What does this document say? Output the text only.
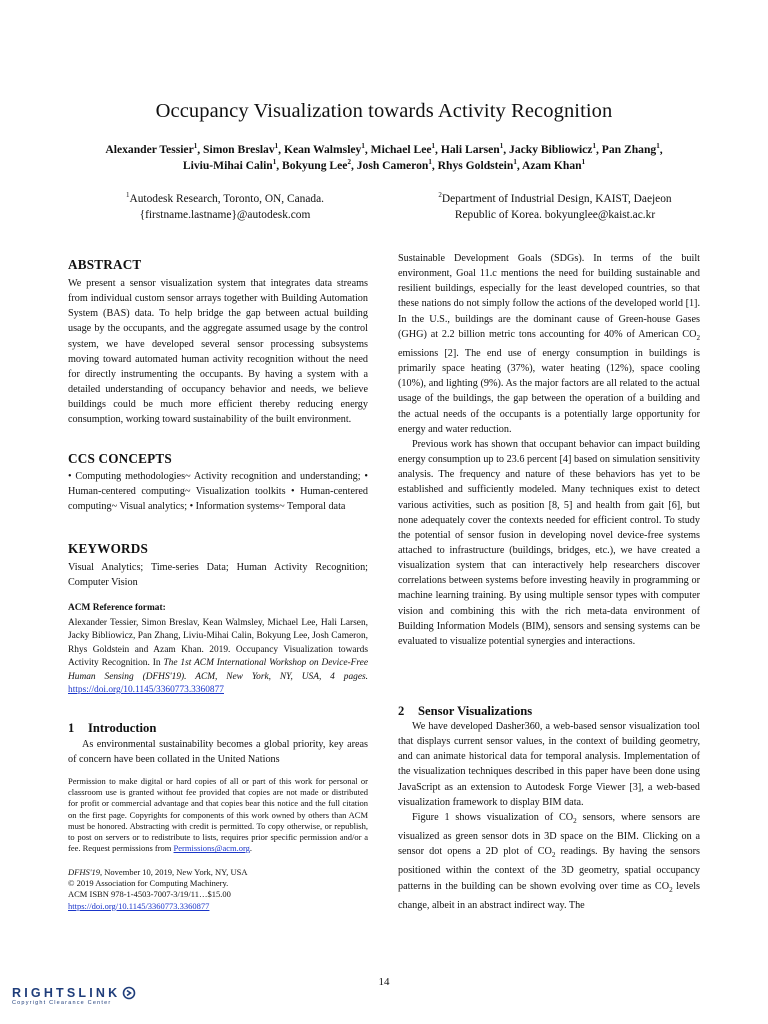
Occupancy Visualization towards Activity Recognition
Alexander Tessier$^1$, Simon Breslav$^1$, Kean Walmsley$^1$, Michael Lee$^1$, Hali Larsen$^1$, Jacky Bibliowicz$^1$, Pan Zhang$^1$,
Liviu-Mihai Calin$^1$, Bokyung Lee$^2$, Josh Cameron$^1$, Rhys Goldstein$^1$, Azam Khan$^1$
$^1$Autodesk Research, Toronto, ON, Canada.
{firstname.lastname}@autodesk.com
$^2$Department of Industrial Design, KAIST, Daejeon
Republic of Korea. bokyunglee@kaist.ac.kr
ABSTRACT

We present a sensor visualization system that integrates data streams from individual custom sensor arrays together with Building Automation System (BAS) data. To help bridge the gap between actual building usage by the occupants, and the aggregate assumed usage by the control system, we have developed several sensor processing subsystems moving toward automated human activity recognition without the need for directly instrumenting the occupants. By having a system with a detailed understanding of occupancy behavior and needs, we believe buildings could be much more efficient thereby reducing energy consumption, working toward sustainability of the built environment.

CCS CONCEPTS

• Computing methodologies~ Activity recognition and understanding; • Human-centered computing~ Visualization toolkits • Human-centered computing~ Visual analytics; • Information systems~ Temporal data

KEYWORDS

Visual Analytics; Time-series Data; Human Activity Recognition; Computer Vision

ACM Reference format:

Alexander Tessier, Simon Breslav, Kean Walmsley, Michael Lee, Hali Larsen, Jacky Bibliowicz, Pan Zhang, Liviu-Mihai Calin, Bokyung Lee, Josh Cameron, Rhys Goldstein and Azam Khan. 2019. Occupancy Visualization towards Activity Recognition. In The 1st ACM International Workshop on Device-Free Human Sensing (DFHS'19). ACM, New York, NY, USA, 4 pages. https://doi.org/10.1145/3360773.3360877

1 Introduction

As environmental sustainability becomes a global priority, key areas of concern have been collated in the United Nations

Permission to make digital or hard copies of all or part of this work for personal or classroom use is granted without fee provided that copies are not made or distributed for profit or commercial advantage and that copies bear this notice and the full citation on the first page. Copyrights for components of this work owned by others than ACM must be honored. Abstracting with credit is permitted. To copy otherwise, or republish, to post on servers or to redistribute to lists, requires prior specific permission and/or a fee. Request permissions from Permissions@acm.org.

DFHS'19, November 10, 2019, New York, NY, USA
© 2019 Association for Computing Machinery.
ACM ISBN 978-1-4503-7007-3/19/11…$15.00
https://doi.org/10.1145/3360773.3360877

Sustainable Development Goals (SDGs). In terms of the built environment, Goal 11.c mentions the need for building sustainable and resilient buildings, especially for the least developed countries, so that these nations do not simply follow the actions of the developed world [1]. In the U.S., buildings are the dominant cause of Green-house Gases (GHG) at 2.2 billion metric tons accounting for 40% of American $CO_2$ emissions [2]. The end use of energy consumption in buildings is primarily space heating (37%), water heating (12%), space cooling (10%), and lighting (9%). As the major factors are all related to the actual usage of the buildings, the gap between the operation of a building and the actual needs of the occupants is a potentially large opportunity for energy and water reduction.

Previous work has shown that occupant behavior can impact building energy consumption up to 23.6 percent [4] based on simulation sensitivity analysis. The frequency and nature of these behaviors has yet to be established and sufficiently modeled. Many techniques exist to detect various activities, such as position [8, 5] and health from gait [6], but none adequately cover the contexts needed for efficient control. To study the potential of sensor fusion in developing novel device-free systems attached to infrastructure (buildings, bridges, etc.), we have created a visualization system that can interactively help researchers discover correlations between systems before investing heavily in programming or machine learning training. By using multiple sensor types with computer vision and combining this with the rich meta-data environment of Building Information Models (BIM), sensors and sensing systems can be evaluated to visualize potential synergies and interactions.

2 Sensor Visualizations

We have developed Dasher360, a web-based sensor visualization tool that displays current sensor values, in the context of building geometry, and can animate historical data for temporal analysis. Implementation of the visualization techniques described in this paper have been done using JavaScript as an extension to Autodesk Forge Viewer [3], a web-based visualization framework to display BIM data.

Figure 1 shows visualization of $CO_2$ sensors, where sensors are visualized as green sensor dots in 3D space on the BIM. Clicking on a sensor dot opens a 2D plot of $CO_2$ readings. By having the sensors positioned within the context of the 3D geometry, spatial occupancy patterns in the building can be shown evolving over time as $CO_2$ levels change, albeit in an abstract indirect way. The

14
RIGHTSLINK
Copyright Clearance Center
